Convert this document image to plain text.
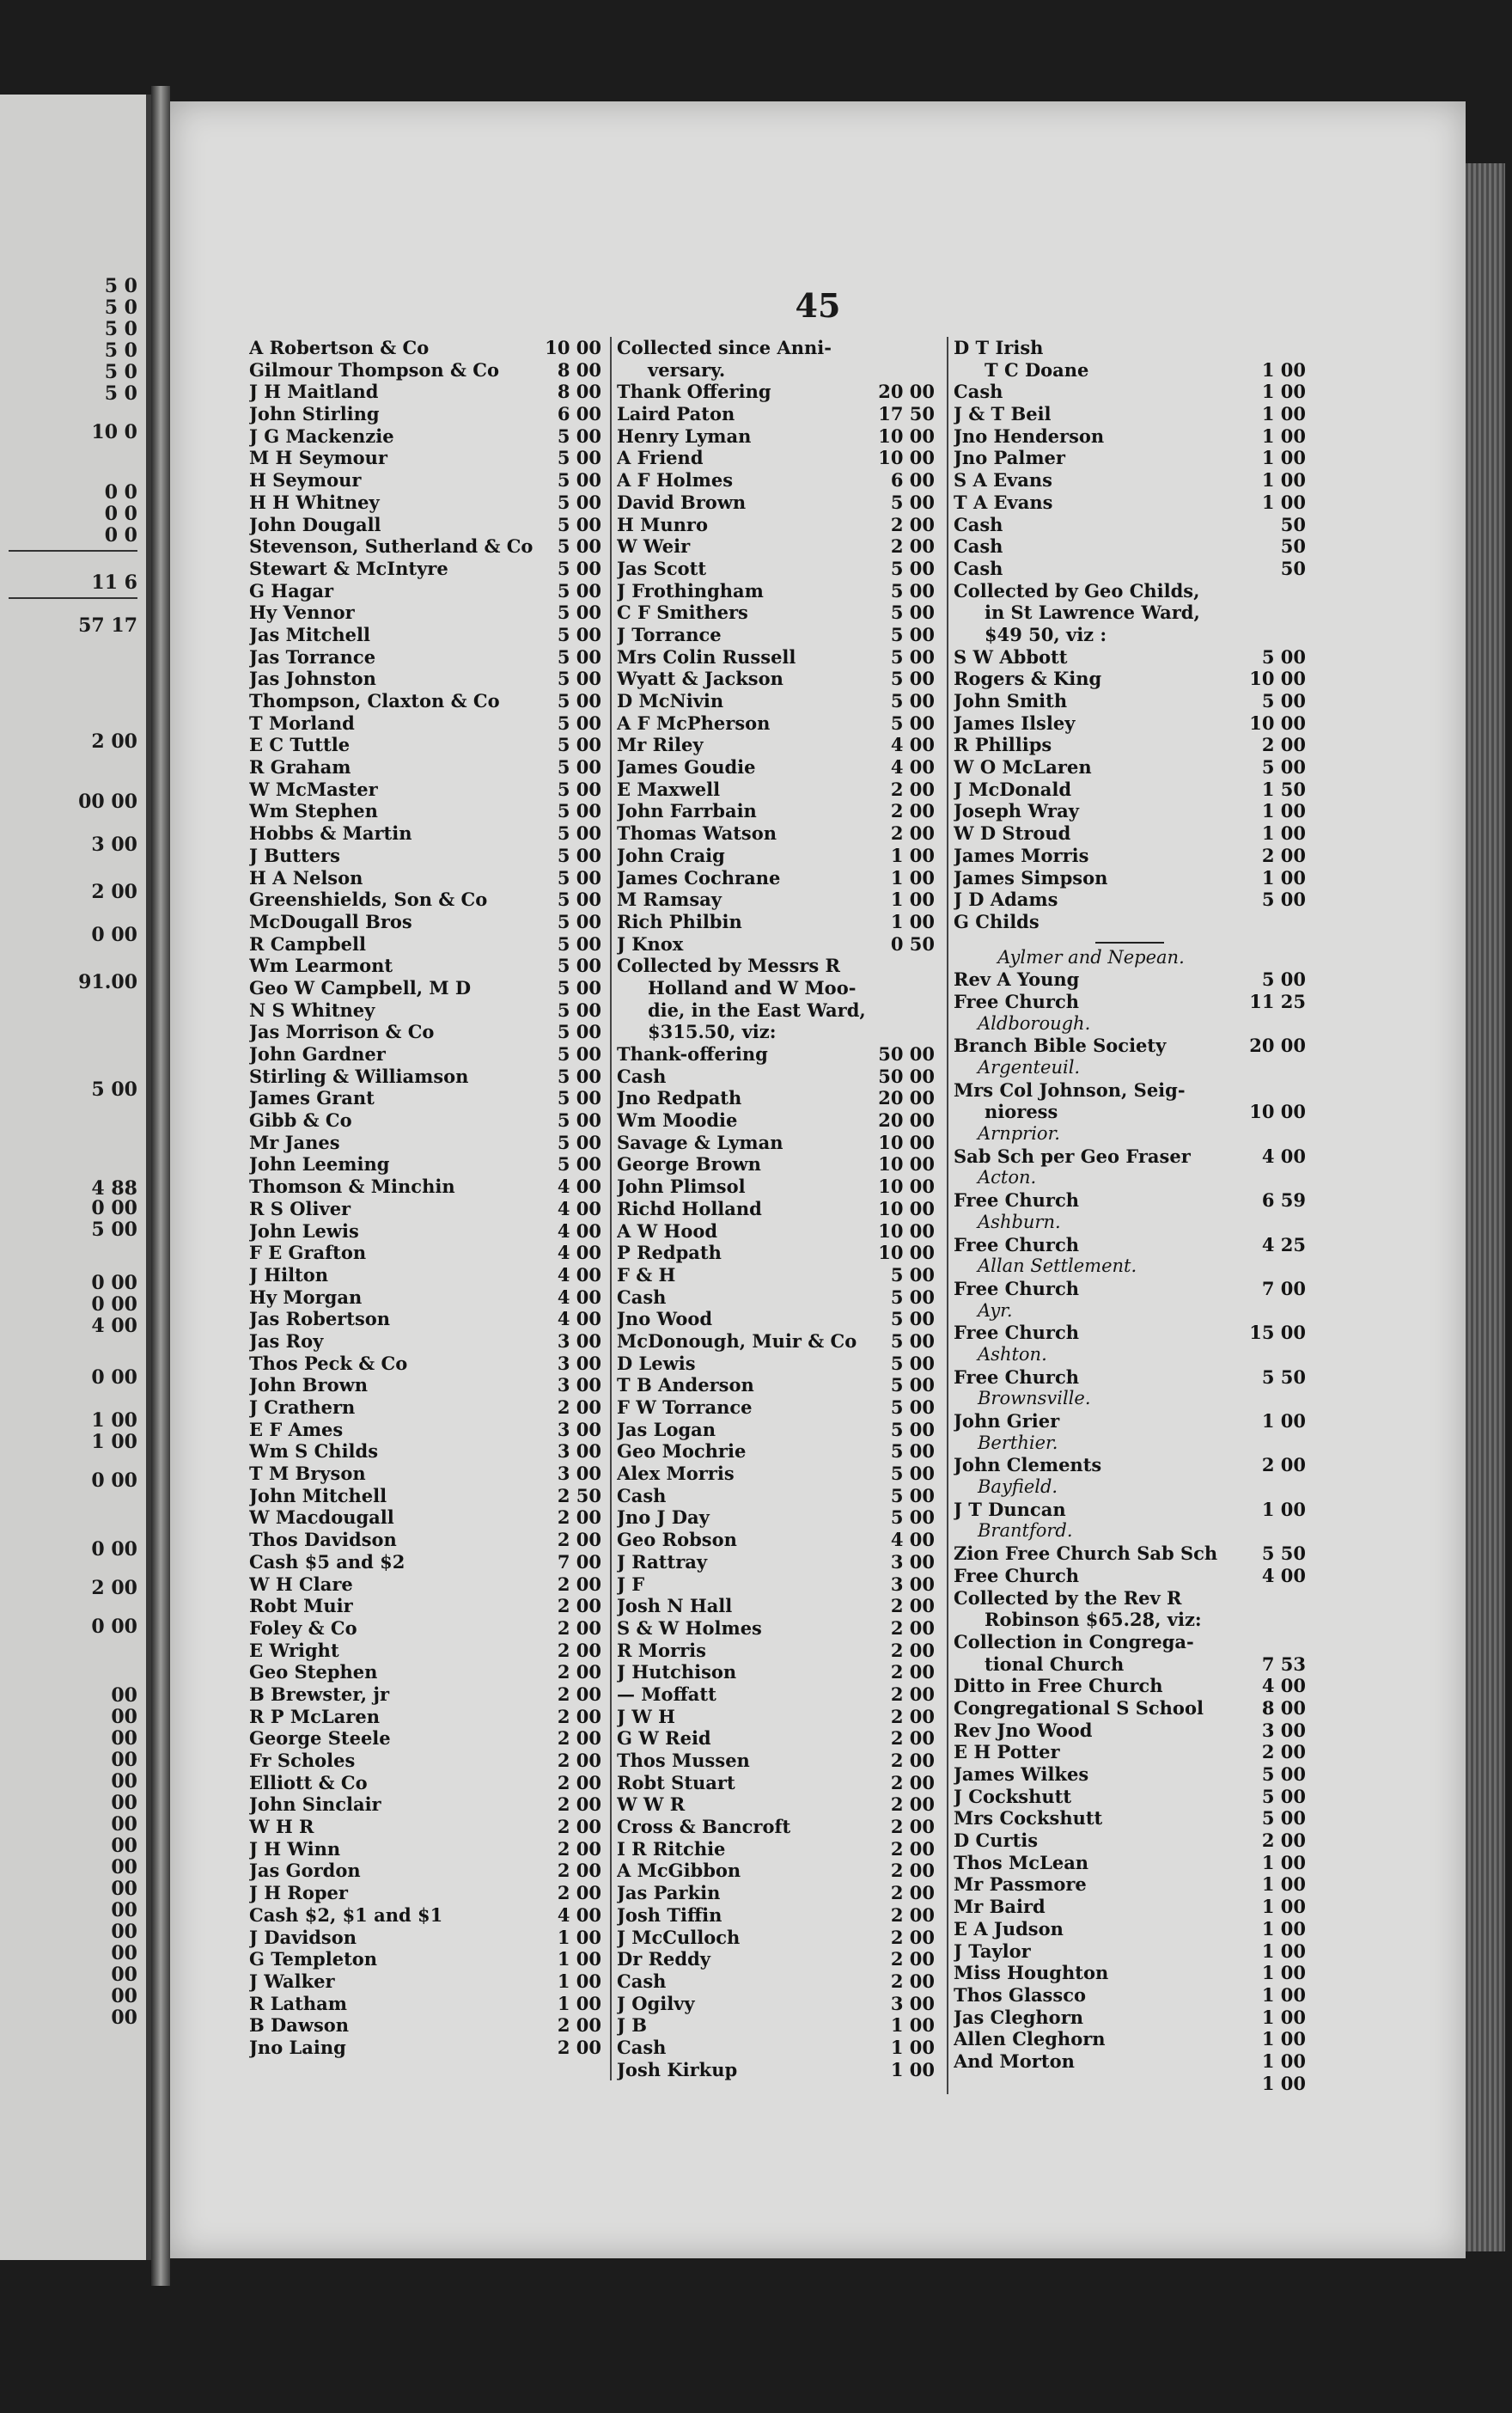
5 0
5 0
5 0
5 0
5 0
5 0
10 0
0 0
0 0
0 0
11 6
57 17
2 00
00 00
3 00
2 00
0 00
91.00
5 00
4 88
0 00
5 00
0 00
0 00
4 00
0 00
1 00
1 00
0 00
0 00
2 00
0 00
00
00
00
00
00
00
00
00
00
00
00
00
00
00
00
00
45
A Robertson & Co	10 00
Gilmour Thompson & Co	8 00
J H Maitland	8 00
John Stirling	6 00
J G Mackenzie	5 00
M H Seymour	5 00
H Seymour	5 00
H H Whitney	5 00
John Dougall	5 00
Stevenson, Sutherland & Co	5 00
Stewart & McIntyre	5 00
G Hagar	5 00
Hy Vennor	5 00
Jas Mitchell	5 00
Jas Torrance	5 00
Jas Johnston	5 00
Thompson, Claxton & Co	5 00
T Morland	5 00
E C Tuttle	5 00
R Graham	5 00
W McMaster	5 00
Wm Stephen	5 00
Hobbs & Martin	5 00
J Butters	5 00
H A Nelson	5 00
Greenshields, Son & Co	5 00
McDougall Bros	5 00
R Campbell	5 00
Wm Learmont	5 00
Geo W Campbell, M D	5 00
N S Whitney	5 00
Jas Morrison & Co	5 00
John Gardner	5 00
Stirling & Williamson	5 00
James Grant	5 00
Gibb & Co	5 00
Mr Janes	5 00
John Leeming	5 00
Thomson & Minchin	4 00
R S Oliver	4 00
John Lewis	4 00
F E Grafton	4 00
J Hilton	4 00
Hy Morgan	4 00
Jas Robertson	4 00
Jas Roy	3 00
Thos Peck & Co	3 00
John Brown	3 00
J Crathern	2 00
E F Ames	3 00
Wm S Childs	3 00
T M Bryson	3 00
John Mitchell	2 50
W Macdougall	2 00
Thos Davidson	2 00
Cash $5 and $2	7 00
W H Clare	2 00
Robt Muir	2 00
Foley & Co	2 00
E Wright	2 00
Geo Stephen	2 00
B Brewster, jr	2 00
R P McLaren	2 00
George Steele	2 00
Fr Scholes	2 00
Elliott & Co	2 00
John Sinclair	2 00
W H R	2 00
J H Winn	2 00
Jas Gordon	2 00
J H Roper	2 00
Cash $2, $1 and $1	4 00
J Davidson	1 00
G Templeton	1 00
J Walker	1 00
R Latham	1 00
B Dawson	2 00
Jno Laing	2 00
Collected since Anni-
versary.
Thank Offering	20 00
Laird Paton	17 50
Henry Lyman	10 00
A Friend	10 00
A F Holmes	6 00
David Brown	5 00
H Munro	2 00
W Weir	2 00
Jas Scott	5 00
J Frothingham	5 00
C F Smithers	5 00
J Torrance	5 00
Mrs Colin Russell	5 00
Wyatt & Jackson	5 00
D McNivin	5 00
A F McPherson	5 00
Mr Riley	4 00
James Goudie	4 00
E Maxwell	2 00
John Farrbain	2 00
Thomas Watson	2 00
John Craig	1 00
James Cochrane	1 00
M Ramsay	1 00
Rich Philbin	1 00
J Knox	0 50
Collected by Messrs R
Holland and W Moo-
die, in the East Ward,
$315.50, viz:
Thank-offering	50 00
Cash	50 00
Jno Redpath	20 00
Wm Moodie	20 00
Savage & Lyman	10 00
George Brown	10 00
John Plimsol	10 00
Richd Holland	10 00
A W Hood	10 00
P Redpath	10 00
F & H	5 00
Cash	5 00
Jno Wood	5 00
McDonough, Muir & Co	5 00
D Lewis	5 00
T B Anderson	5 00
F W Torrance	5 00
Jas Logan	5 00
Geo Mochrie	5 00
Alex Morris	5 00
Cash	5 00
Jno J Day	5 00
Geo Robson	4 00
J Rattray	3 00
J F	3 00
Josh N Hall	2 00
S & W Holmes	2 00
R Morris	2 00
J Hutchison	2 00
— Moffatt	2 00
J W H	2 00
G W Reid	2 00
Thos Mussen	2 00
Robt Stuart	2 00
W W R	2 00
Cross & Bancroft	2 00
I R Ritchie	2 00
A McGibbon	2 00
Jas Parkin	2 00
Josh Tiffin	2 00
J McCulloch	2 00
Dr Reddy	2 00
Cash	2 00
J Ogilvy	3 00
J B	1 00
Cash	1 00
Josh Kirkup	1 00
D T Irish
T C Doane	1 00
Cash	1 00
J & T Beil	1 00
Jno Henderson	1 00
Jno Palmer	1 00
S A Evans	1 00
T A Evans	1 00
Cash	50
Cash	50
Cash	50
Collected by Geo Childs,
in St Lawrence Ward,
$49 50, viz :
S W Abbott	5 00
Rogers & King	10 00
John Smith	5 00
James Ilsley	10 00
R Phillips	2 00
W O McLaren	5 00
J McDonald	1 50
Joseph Wray	1 00
W D Stroud	1 00
James Morris	2 00
James Simpson	1 00
J D Adams	5 00
G Childs
Aylmer and Nepean.
Rev A Young	5 00
Free Church	11 25
Aldborough.
Branch Bible Society	20 00
Argenteuil.
Mrs Col Johnson, Seig-
nioress	10 00
Arnprior.
Sab Sch per Geo Fraser	4 00
Acton.
Free Church	6 59
Ashburn.
Free Church	4 25
Allan Settlement.
Free Church	7 00
Ayr.
Free Church	15 00
Ashton.
Free Church	5 50
Brownsville.
John Grier	1 00
Berthier.
John Clements	2 00
Bayfield.
J T Duncan	1 00
Brantford.
Zion Free Church Sab Sch	5 50
Free Church	4 00
Collected by the Rev R
Robinson $65.28, viz:
Collection in Congrega-
tional Church	7 53
Ditto in Free Church	4 00
Congregational S School	8 00
Rev Jno Wood	3 00
E H Potter	2 00
James Wilkes	5 00
J Cockshutt	5 00
Mrs Cockshutt	5 00
D Curtis	2 00
Thos McLean	1 00
Mr Passmore	1 00
Mr Baird	1 00
E A Judson	1 00
J Taylor	1 00
Miss Houghton	1 00
Thos Glassco	1 00
Jas Cleghorn	1 00
Allen Cleghorn	1 00
And Morton	1 00
1 00
